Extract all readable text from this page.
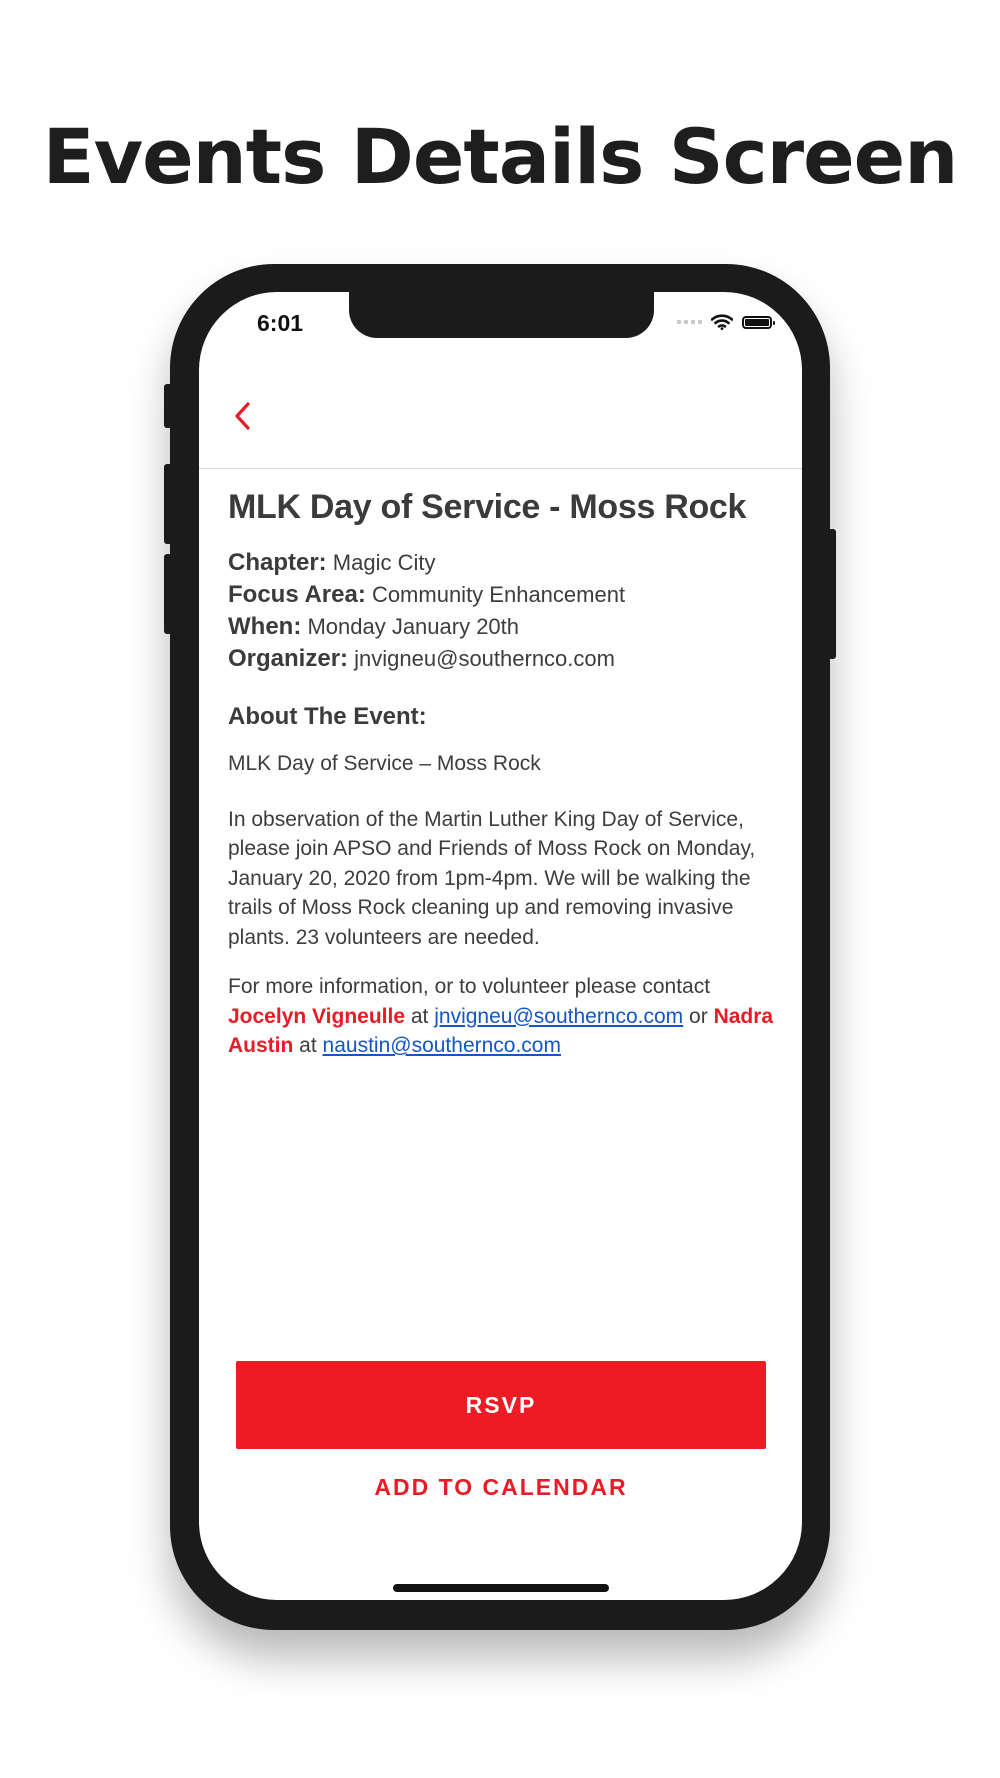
Events Details Screen
6:01
MLK Day of Service - Moss Rock

Chapter: Magic City

Focus Area: Community Enhancement

When: Monday January 20th

Organizer: jnvigneu@southernco.com

About The Event:

MLK Day of Service – Moss Rock

In observation of the Martin Luther King Day of Service, please join APSO and Friends of Moss Rock on Monday, January 20, 2020 from 1pm-4pm. We will be walking the trails of Moss Rock cleaning up and removing invasive plants. 23 volunteers are needed.

For more information, or to volunteer please contact Jocelyn Vigneulle at jnvigneu@southernco.com or Nadra Austin at naustin@southernco.com

RSVP
ADD TO CALENDAR
